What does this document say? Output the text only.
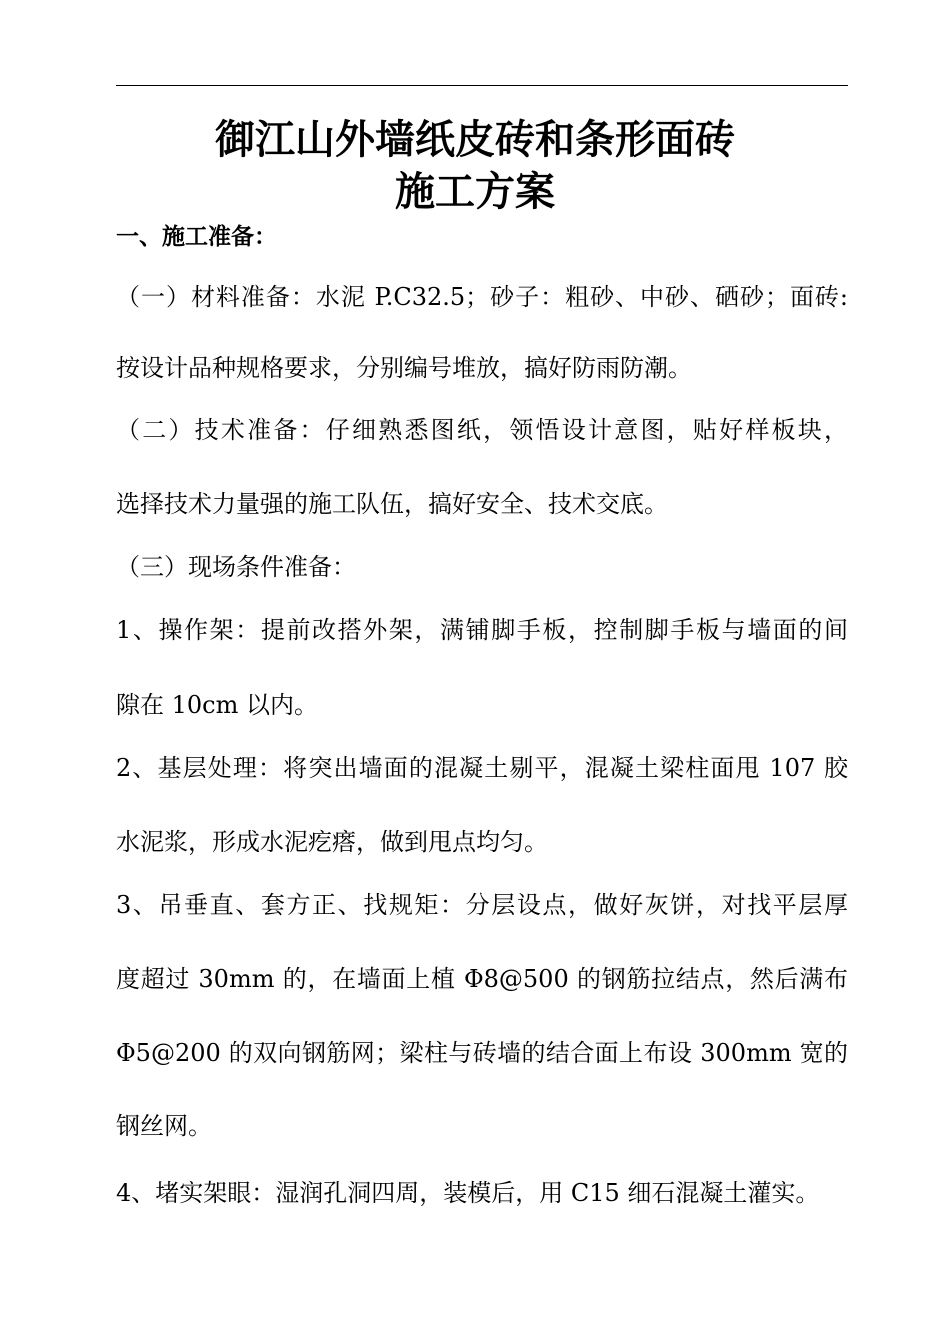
御江山外墙纸皮砖和条形面砖
施工方案
一、施工准备：
（一）材料准备：水泥 P.C32.5；砂子：粗砂、中砂、硒砂；面砖:
按设计品种规格要求，分别编号堆放，搞好防雨防潮。
（二）技术准备：仔细熟悉图纸，领悟设计意图，贴好样板块，
选择技术力量强的施工队伍，搞好安全、技术交底。
（三）现场条件准备：
1、操作架：提前改搭外架，满铺脚手板，控制脚手板与墙面的间
隙在 10cm 以内。
2、基层处理：将突出墙面的混凝土剔平，混凝土梁柱面甩 107 胶
水泥浆，形成水泥疙瘩，做到甩点均匀。
3、吊垂直、套方正、找规矩：分层设点，做好灰饼，对找平层厚
度超过 30mm 的，在墙面上植 Φ8@500 的钢筋拉结点，然后满布
Φ5@200 的双向钢筋网；梁柱与砖墙的结合面上布设 300mm 宽的
钢丝网。
4、堵实架眼：湿润孔洞四周，装模后，用 C15 细石混凝土灌实。
